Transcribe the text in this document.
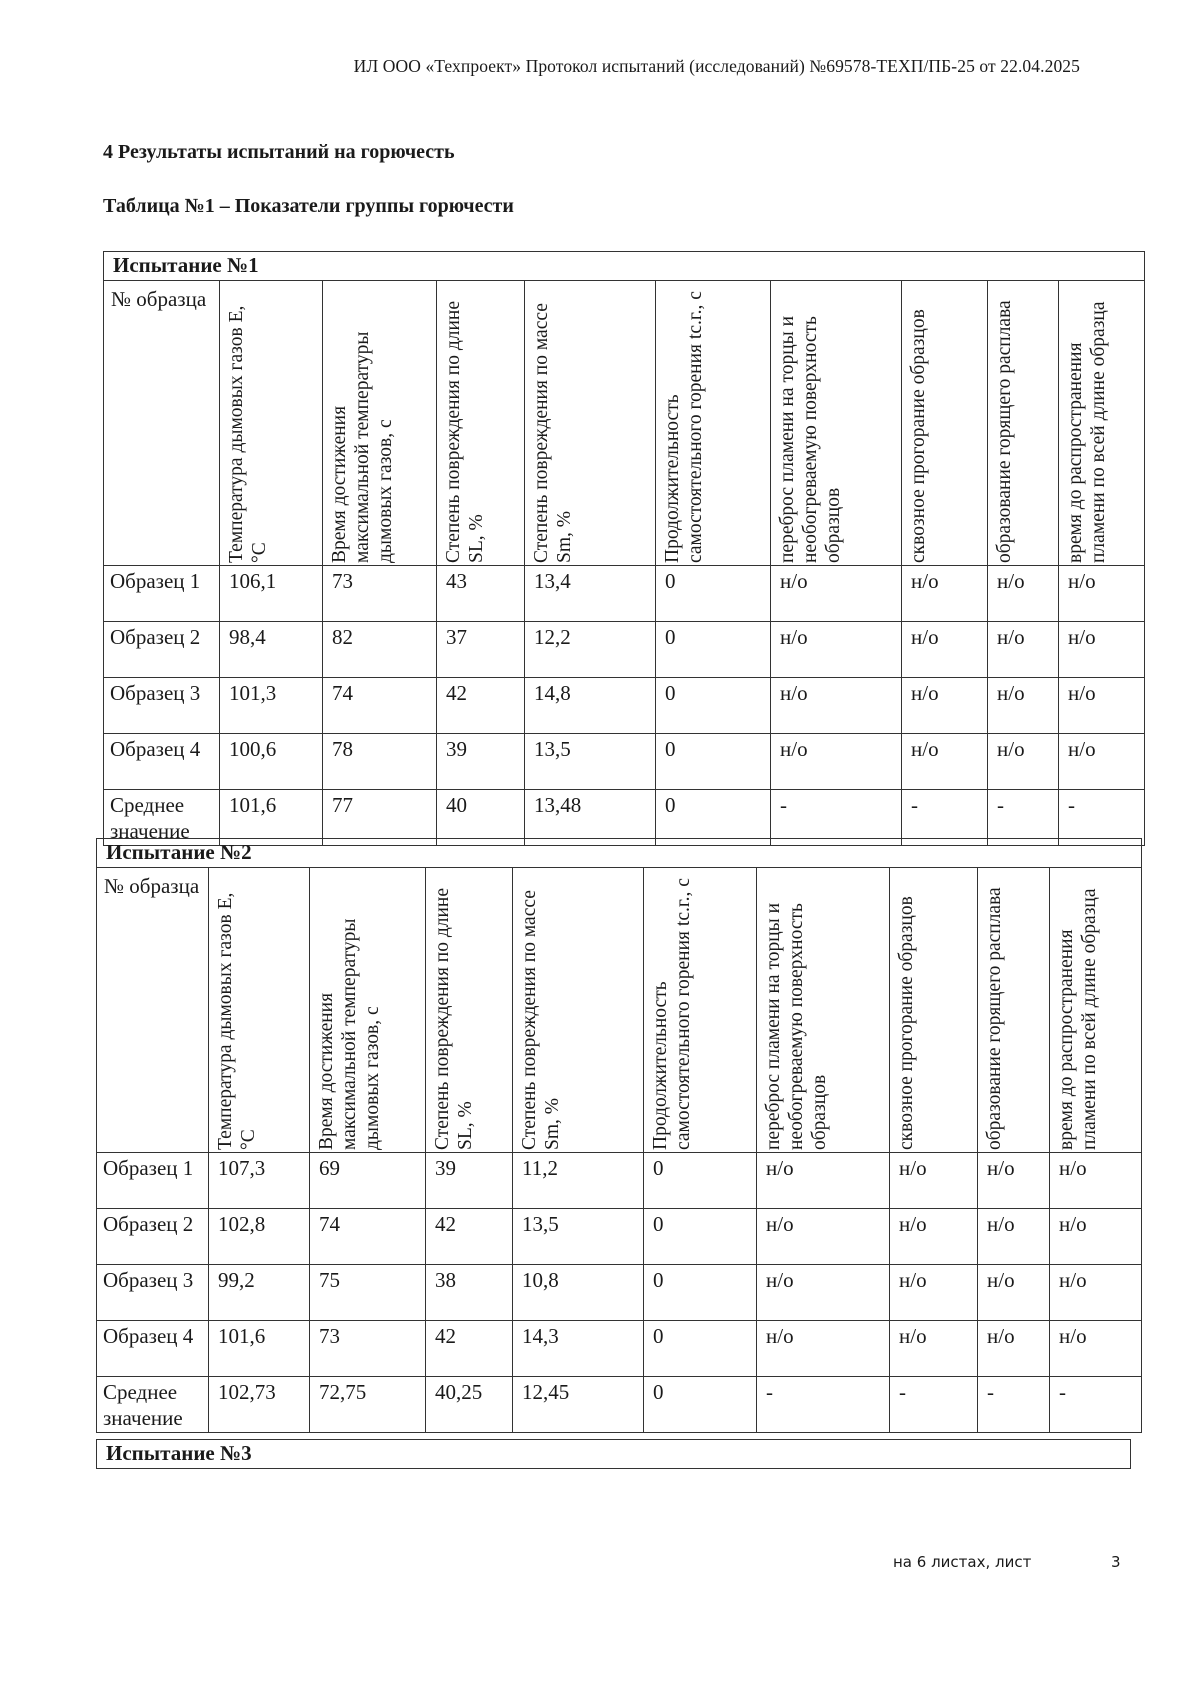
ИЛ ООО «Техпроект» Протокол испытаний (исследований) №69578-ТЕХП/ПБ-25 от 22.04.2025
4 Результаты испытаний на горючесть
Таблица №1 – Показатели группы горючести
Испытание №1									
№ образца	Температура дымовых газов E, °C	Время достижения максимальной температуры дымовых газов, с	Степень повреждения по длине SL, %	Степень повреждения по массе Sm, %	Продолжительность самостоятельного горения tс.г., с	переброс пламени на торцы и необогреваемую поверхность образцов	сквозное прогорание образцов	образование горящего расплава	время до распространения пламени по всей длине образца

Образец 1	106,1	73	43	13,4	0	н/о	н/о	н/о	н/о
Образец 2	98,4	82	37	12,2	0	н/о	н/о	н/о	н/о
Образец 3	101,3	74	42	14,8	0	н/о	н/о	н/о	н/о
Образец 4	100,6	78	39	13,5	0	н/о	н/о	н/о	н/о
Среднее значение	101,6	77	40	13,48	0	-	-	-	-
Испытание №2									
№ образца	Температура дымовых газов E, °C	Время достижения максимальной температуры дымовых газов, с	Степень повреждения по длине SL, %	Степень повреждения по массе Sm, %	Продолжительность самостоятельного горения tс.г., с	переброс пламени на торцы и необогреваемую поверхность образцов	сквозное прогорание образцов	образование горящего расплава	время до распространения пламени по всей длине образца

Образец 1	107,3	69	39	11,2	0	н/о	н/о	н/о	н/о
Образец 2	102,8	74	42	13,5	0	н/о	н/о	н/о	н/о
Образец 3	99,2	75	38	10,8	0	н/о	н/о	н/о	н/о
Образец 4	101,6	73	42	14,3	0	н/о	н/о	н/о	н/о
Среднее значение	102,73	72,75	40,25	12,45	0	-	-	-	-
Испытание №3
на 6 листах, лист	3
